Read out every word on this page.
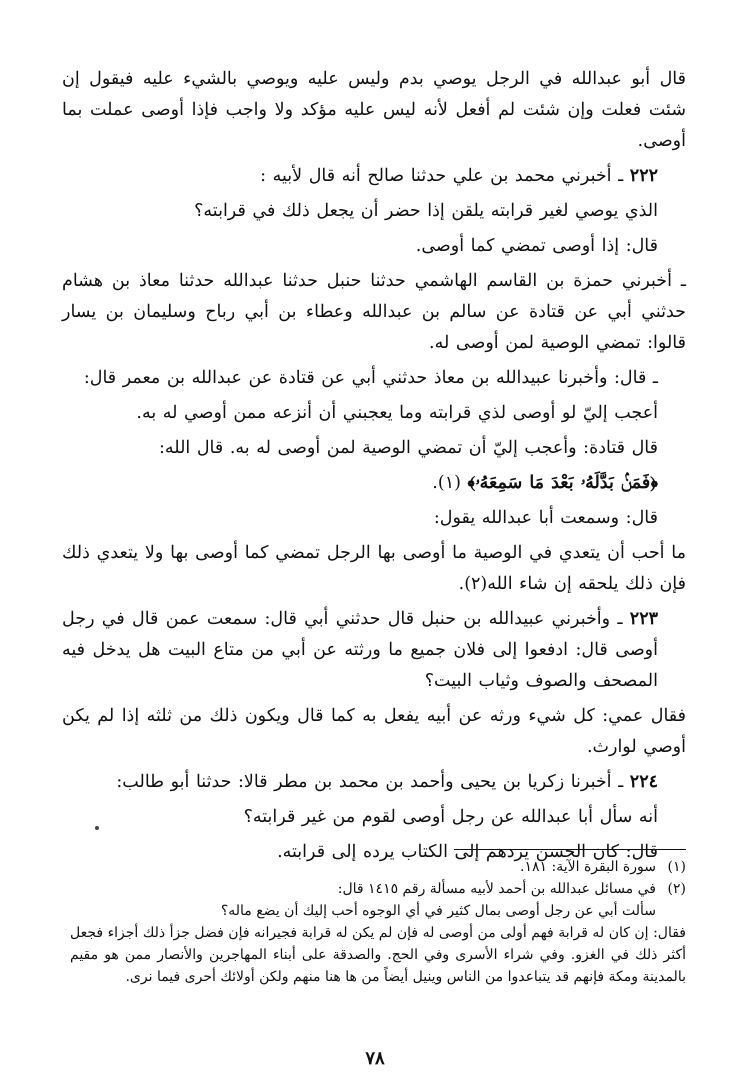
قال أبو عبدالله في الرجل يوصي بدم وليس عليه ويوصي بالشيء عليه فيقول إن شئت فعلت وإن شئت لم أفعل لأنه ليس عليه مؤكد ولا واجب فإذا أوصى عملت بما أوصى.

٢٢٢ ـ أخبرني محمد بن علي حدثنا صالح أنه قال لأبيه :

الذي يوصي لغير قرابته يلقن إذا حضر أن يجعل ذلك في قرابته؟

قال: إذا أوصى تمضي كما أوصى.

ـ أخبرني حمزة بن القاسم الهاشمي حدثنا حنبل حدثنا عبدالله حدثنا معاذ بن هشام حدثني أبي عن قتادة عن سالم بن عبدالله وعطاء بن أبي رباح وسليمان بن يسار قالوا: تمضي الوصية لمن أوصى له.

ـ قال: وأخبرنا عبيدالله بن معاذ حدثني أبي عن قتادة عن عبدالله بن معمر قال:

أعجب إليّ لو أوصى لذي قرابته وما يعجبني أن أنزعه ممن أوصي له به.

قال قتادة: وأعجب إليّ أن تمضي الوصية لمن أوصى له به. قال الله:

﴿فَمَنۢ بَدَّلَهُۥ بَعْدَ مَا سَمِعَهُۥ﴾ (١).

قال: وسمعت أبا عبدالله يقول:

ما أحب أن يتعدي في الوصية ما أوصى بها الرجل تمضي كما أوصى بها ولا يتعدي ذلك فإن ذلك يلحقه إن شاء الله(٢).

٢٢٣ ـ وأخبرني عبيدالله بن حنبل قال حدثني أبي قال: سمعت عمن قال في رجل أوصى قال: ادفعوا إلى فلان جميع ما ورثته عن أبي من متاع البيت هل يدخل فيه المصحف والصوف وثياب البيت؟

فقال عمي: كل شيء ورثه عن أبيه يفعل به كما قال ويكون ذلك من ثلثه إذا لم يكن أوصي لوارث.

٢٢٤ ـ أخبرنا زكريا بن يحيى وأحمد بن محمد بن مطر قالا: حدثنا أبو طالب:

أنه سأل أبا عبدالله عن رجل أوصى لقوم من غير قرابته؟

قال: كان الحسن يردهم إلى الكتاب يرده إلى قرابته.

(١)سورة البقرة الآية: ١٨١.

(٢)في مسائل عبدالله بن أحمد لأبيه مسألة رقم ١٤١٥ قال:

سألت أبي عن رجل أوصى بمال كثير في أي الوجوه أحب إليك أن يضع ماله؟

فقال: إن كان له قرابة فهم أولى من أوصى له فإن لم يكن له قرابة فجيرانه فإن فضل جزأ ذلك أجزاء فجعل أكثر ذلك في الغزو. وفي شراء الأسرى وفي الحج. والصدقة على أبناء المهاجرين والأنصار ممن هو مقيم بالمدينة ومكة فإنهم قد يتباعدوا من الناس وينيل أيضاً من ها هنا منهم ولكن أولائك أحرى فيما نرى.

٧٨
